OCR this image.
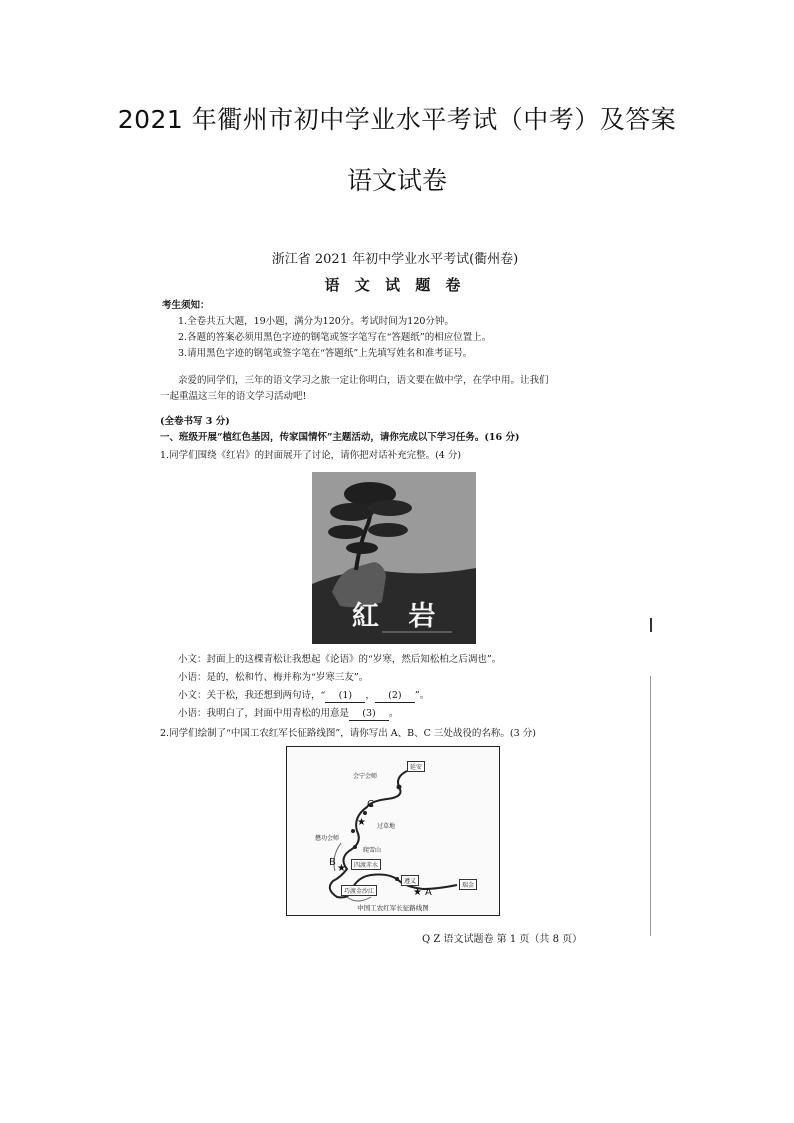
2021 年衢州市初中学业水平考试（中考）及答案
语文试卷
浙江省 2021 年初中学业水平考试(衢州卷)
语 文 试 题 卷
考生须知：
1.全卷共五大题，19小题，满分为120分。考试时间为120分钟。
2.各题的答案必须用黑色字迹的钢笔或签字笔写在“答题纸”的相应位置上。
3.请用黑色字迹的钢笔或签字笔在“答题纸”上先填写姓名和准考证号。
亲爱的同学们，三年的语文学习之旅一定让你明白，语文要在做中学，在学中用。让我们
一起重温这三年的语文学习活动吧!
(全卷书写 3 分)
一、班级开展“植红色基因，传家国情怀”主题活动，请你完成以下学习任务。(16 分)
1.同学们围绕《红岩》的封面展开了讨论，请你把对话补充完整。(4 分)
紅 岩
小文：封面上的这棵青松让我想起《论语》的“岁寒，然后知松柏之后凋也”。
小语：是的，松和竹、梅并称为“岁寒三友”。
小文：关于松，我还想到两句诗，“ (1) ， (2) ”。
小语：我明白了，封面中用青松的用意是 (3) 。
2.同学们绘制了“中国工农红军长征路线图”，请你写出 A、B、C 三处战役的名称。(3 分)
★
★
★
延安
会宁会师
C
过草地
懋功会师
爬雪山
B	四渡赤水
遵义
巧渡金沙江	A
瑞金
中国工农红军长征路线图
Q Z 语文试题卷 第 1 页（共 8 页）
